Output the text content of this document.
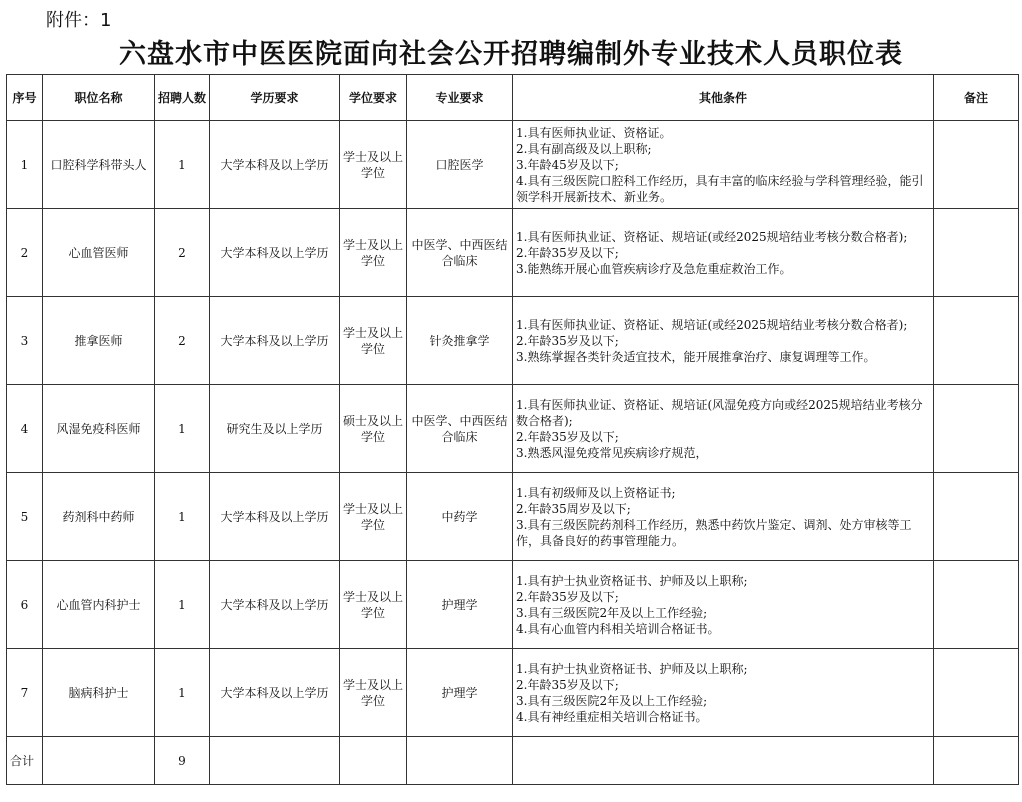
附件：1
六盘水市中医医院面向社会公开招聘编制外专业技术人员职位表
序号	职位名称	招聘人数	学历要求	学位要求	专业要求	其他条件	备注
1	口腔科学科带头人	1	大学本科及以上学历	学士及以上学位	口腔医学	1.具有医师执业证、资格证。
2.具有副高级及以上职称;
3.年龄45岁及以下;
4.具有三级医院口腔科工作经历，具有丰富的临床经验与学科管理经验，能引领学科开展新技术、新业务。	

2	心血管医师	2	大学本科及以上学历	学士及以上学位	中医学、中西医结合临床	1.具有医师执业证、资格证、规培证(或经2025规培结业考核分数合格者);
2.年龄35岁及以下;
3.能熟练开展心血管疾病诊疗及急危重症救治工作。	

3	推拿医师	2	大学本科及以上学历	学士及以上学位	针灸推拿学	1.具有医师执业证、资格证、规培证(或经2025规培结业考核分数合格者);
2.年龄35岁及以下;
3.熟练掌握各类针灸适宜技术，能开展推拿治疗、康复调理等工作。	

4	风湿免疫科医师	1	研究生及以上学历	硕士及以上学位	中医学、中西医结合临床	1.具有医师执业证、资格证、规培证(风湿免疫方向或经2025规培结业考核分数合格者);
2.年龄35岁及以下;
3.熟悉风湿免疫常见疾病诊疗规范，	

5	药剂科中药师	1	大学本科及以上学历	学士及以上学位	中药学	1.具有初级师及以上资格证书;
2.年龄35周岁及以下;
3.具有三级医院药剂科工作经历，熟悉中药饮片鉴定、调剂、处方审核等工作，具备良好的药事管理能力。	

6	心血管内科护士	1	大学本科及以上学历	学士及以上学位	护理学	1.具有护士执业资格证书、护师及以上职称;
2.年龄35岁及以下;
3.具有三级医院2年及以上工作经验;
4.具有心血管内科相关培训合格证书。	

7	脑病科护士	1	大学本科及以上学历	学士及以上学位	护理学	1.具有护士执业资格证书、护师及以上职称;
2.年龄35岁及以下;
3.具有三级医院2年及以上工作经验;
4.具有神经重症相关培训合格证书。	

合计		9					
